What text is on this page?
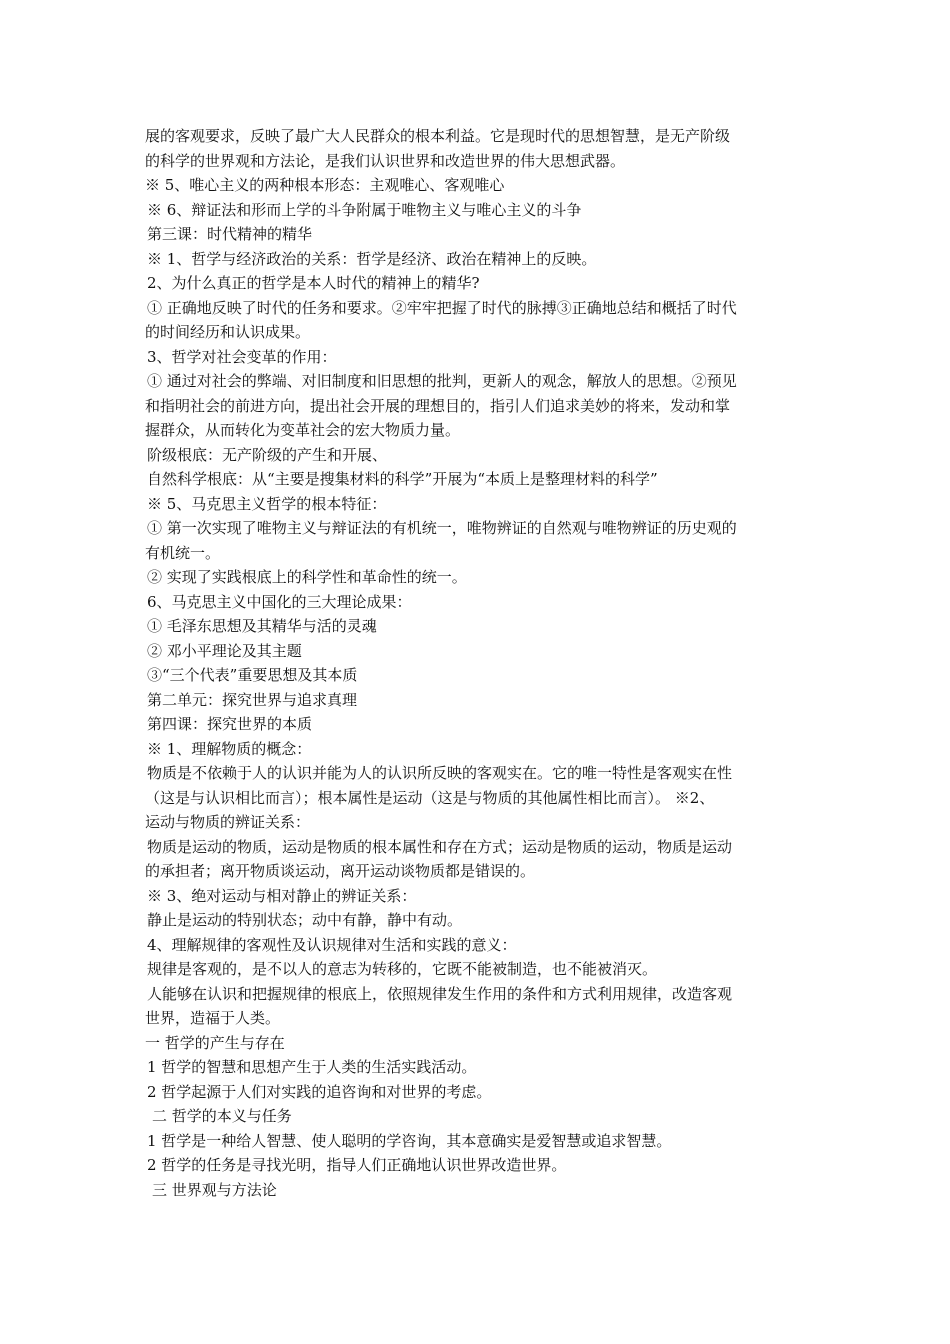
展的客观要求，反映了最广大人民群众的根本利益。它是现时代的思想智慧，是无产阶级

的科学的世界观和方法论，是我们认识世界和改造世界的伟大思想武器。

※ 5、唯心主义的两种根本形态：主观唯心、客观唯心

※ 6、辩证法和形而上学的斗争附属于唯物主义与唯心主义的斗争

第三课：时代精神的精华

※ 1、哲学与经济政治的关系：哲学是经济、政治在精神上的反映。

2、为什么真正的哲学是本人时代的精神上的精华?

① 正确地反映了时代的任务和要求。②牢牢把握了时代的脉搏③正确地总结和概括了时代

的时间经历和认识成果。

3、哲学对社会变革的作用：

① 通过对社会的弊端、对旧制度和旧思想的批判，更新人的观念，解放人的思想。②预见

和指明社会的前进方向，提出社会开展的理想目的，指引人们追求美妙的将来，发动和掌

握群众，从而转化为变革社会的宏大物质力量。

阶级根底：无产阶级的产生和开展、

自然科学根底：从“主要是搜集材料的科学”开展为“本质上是整理材料的科学”

※ 5、马克思主义哲学的根本特征：

① 第一次实现了唯物主义与辩证法的有机统一，唯物辨证的自然观与唯物辨证的历史观的

有机统一。

② 实现了实践根底上的科学性和革命性的统一。

6、马克思主义中国化的三大理论成果：

① 毛泽东思想及其精华与活的灵魂

② 邓小平理论及其主题

③“三个代表”重要思想及其本质

第二单元：探究世界与追求真理

第四课：探究世界的本质

※ 1、理解物质的概念：

物质是不依赖于人的认识并能为人的认识所反映的客观实在。它的唯一特性是客观实在性

（这是与认识相比而言）；根本属性是运动（这是与物质的其他属性相比而言）。 ※2、

运动与物质的辨证关系：

物质是运动的物质，运动是物质的根本属性和存在方式；运动是物质的运动，物质是运动

的承担者；离开物质谈运动，离开运动谈物质都是错误的。

※ 3、绝对运动与相对静止的辨证关系：

静止是运动的特别状态；动中有静，静中有动。

4、理解规律的客观性及认识规律对生活和实践的意义：

规律是客观的，是不以人的意志为转移的，它既不能被制造，也不能被消灭。

人能够在认识和把握规律的根底上，依照规律发生作用的条件和方式利用规律，改造客观

世界，造福于人类。

一 哲学的产生与存在

1 哲学的智慧和思想产生于人类的生活实践活动。

2 哲学起源于人们对实践的追咨询和对世界的考虑。

二 哲学的本义与任务

1 哲学是一种给人智慧、使人聪明的学咨询，其本意确实是爱智慧或追求智慧。

2 哲学的任务是寻找光明，指导人们正确地认识世界改造世界。

三 世界观与方法论
